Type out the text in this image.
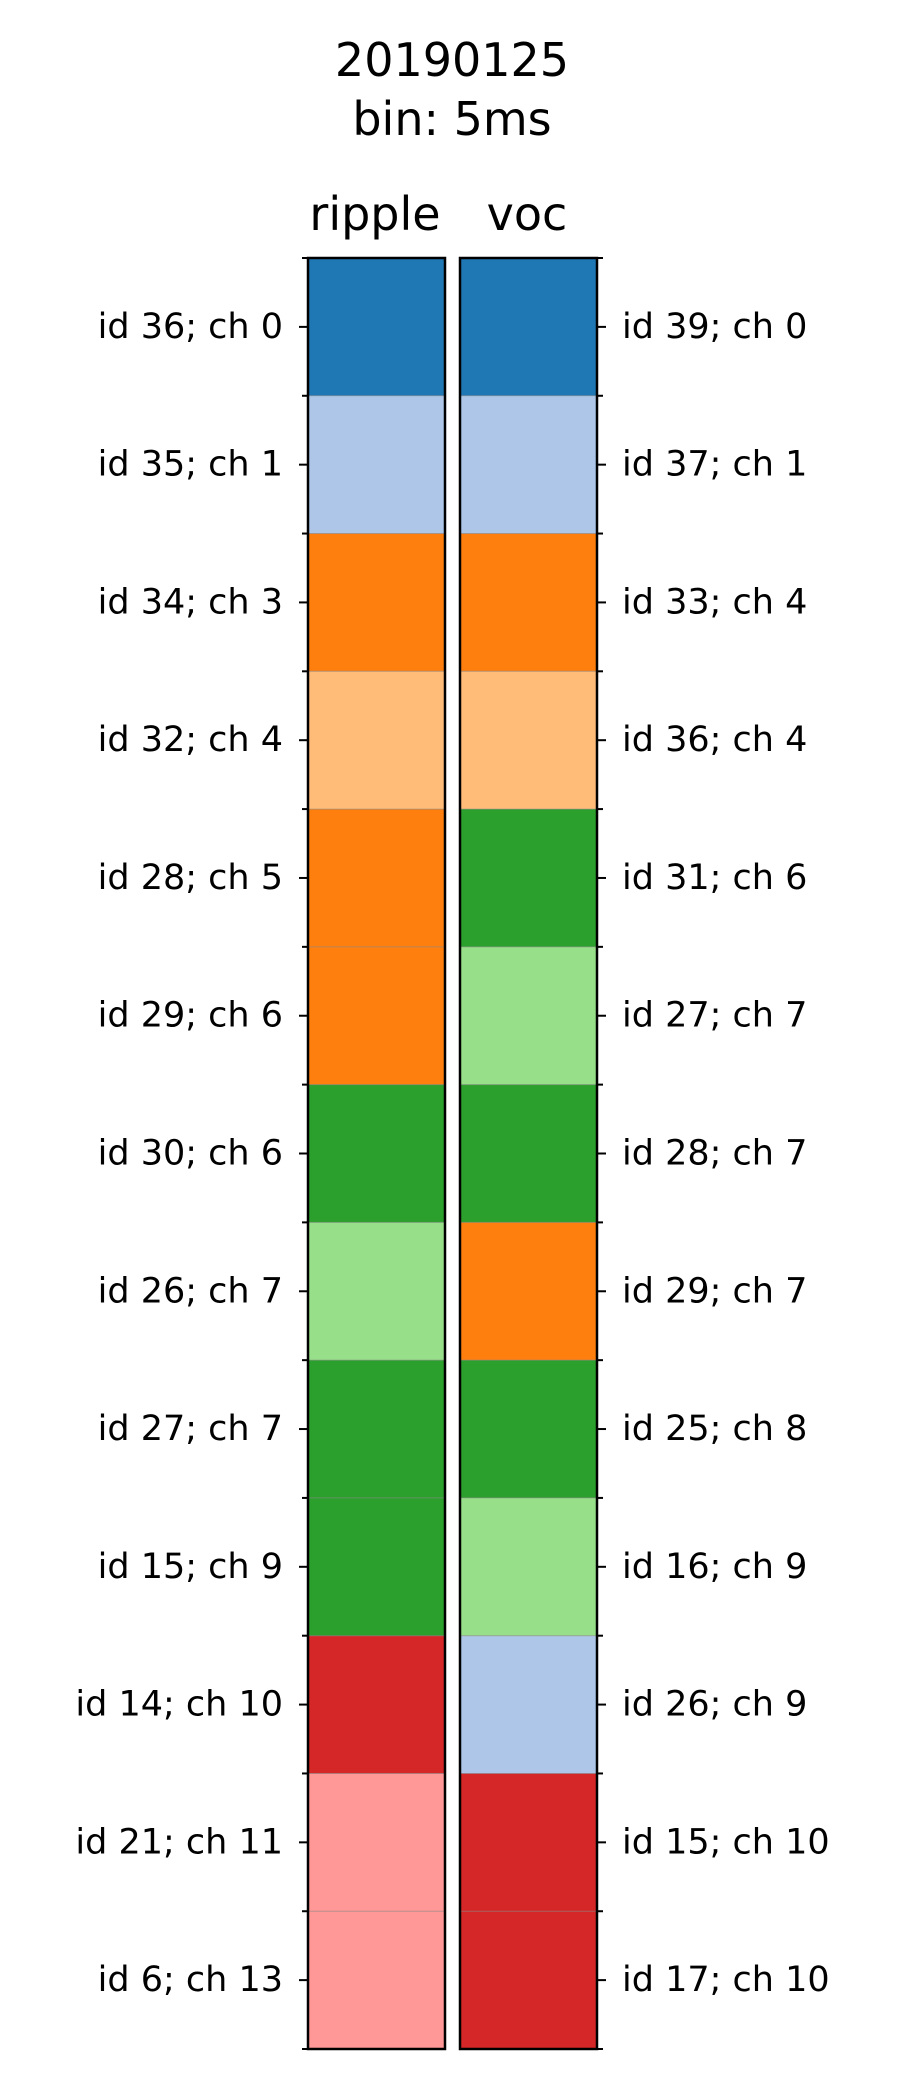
20190125
bin: 5ms
ripple voc
id 36; ch 0
id 35; ch 1
id 34; ch 3
id 32; ch 4
id 28; ch 5
id 29; ch 6
id 30; ch 6
id 26; ch 7
id 27; ch 7
id 15; ch 9
id 14; ch 10
id 21; ch 11
id 6; ch 13
id 39; ch 0
id 37; ch 1
id 33; ch 4
id 36; ch 4
id 31; ch 6
id 27; ch 7
id 28; ch 7
id 29; ch 7
id 25; ch 8
id 16; ch 9
id 26; ch 9
id 15; ch 10
id 17; ch 10
